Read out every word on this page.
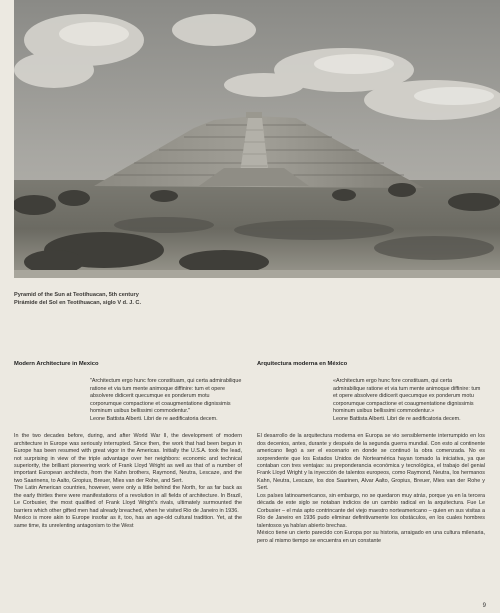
Pyramid of the Sun at Teotihuacan, 5th century
Pirámide del Sol en Teotihuacan, siglo V d. J. C.
Modern Architecture in Mexico

"Architectum ergo hunc fore constituam, qui certa admirabilique ratione et via tum mente animoque diffinire: tum et opere absolvere didicerit quecumque ex ponderum motu corporumque compactione et coaugmentatione dignissimis hominum usibus bellissimi commodentur."

Leone Battista Alberti. Libri de re aedificatoria decem.

In the two decades before, during, and after World War II, the development of modern architecture in Europe was seriously interrupted. Since then, the work that had been begun in Europe has been resumed with great vigor in the Americas. Initially the U.S.A. took the lead, not surprising in view of the triple advantage over her neighbors: economic and technical superiority, the brilliant pioneering work of Frank Lloyd Wright as well as that of a number of important European architects, from the Kahn brothers, Raymond, Neutra, Lescaze, and the two Saarinens, to Aalto, Gropius, Breuer, Mies van der Rohe, and Sert.

The Latin American countries, however, were only a little behind the North, for as far back as the early thirties there were manifestations of a revolution in all fields of architecture. In Brazil, Le Corbusier, the most qualified of Frank Lloyd Wright's rivals, ultimately surmounted the barriers which other gifted men had already breached, when he visited Rio de Janeiro in 1936.

Mexico is more akin to Europe insofar as it, too, has an age-old cultural tradition. Yet, at the same time, its unrelenting antagonism to the West

Arquitectura moderna en México

«Architectum ergo hunc fore constituam, qui certa admirabilique ratione et via tum mente animoque diffinire: tum et opere absolvere didicerit quecumque ex ponderum motu corporumque compactione et coaugmentatione dignissimis hominum usibus bellissimi commodentur.»

Leone Battista Alberti. Libri de re aedificatoria decem.

El desarrollo de la arquitectura moderna en Europa se vio sensiblemente interrumpido en los dos decenios, antes, durante y después de la segunda guerra mundial. Con esto al continente americano llegó a ser el escenario en donde se continuó la obra comenzada. No es sorprendente que los Estados Unidos de Norteamérica hayan tomado la iniciativa, ya que contaban con tres ventajas: su preponderancia económica y tecnológica, el trabajo del genial Frank Lloyd Wright y la inyección de talentos europeos, como Raymond, Neutra, los hermanos Kahn, Neutra, Lescaze, los dos Saarinen, Alvar Aalto, Gropius, Breuer, Mies van der Rohe y Sert.

Los países latinoamericanos, sin embargo, no se quedaron muy atrás, porque ya en la tercera década de este siglo se notaban indicios de un cambio radical en la arquitectura. Fue Le Corbusier – el más apto contrincante del viejo maestro norteamericano – quien en sus visitas a Río de Janeiro en 1936 pudo eliminar definitivamente los obstáculos, en los cuales hombres talentosos ya habían abierto brechas.

México tiene un cierto parecido con Europa por su historia, arraigado en una cultura milenaria, pero al mismo tiempo se encuentra en un constante

9
